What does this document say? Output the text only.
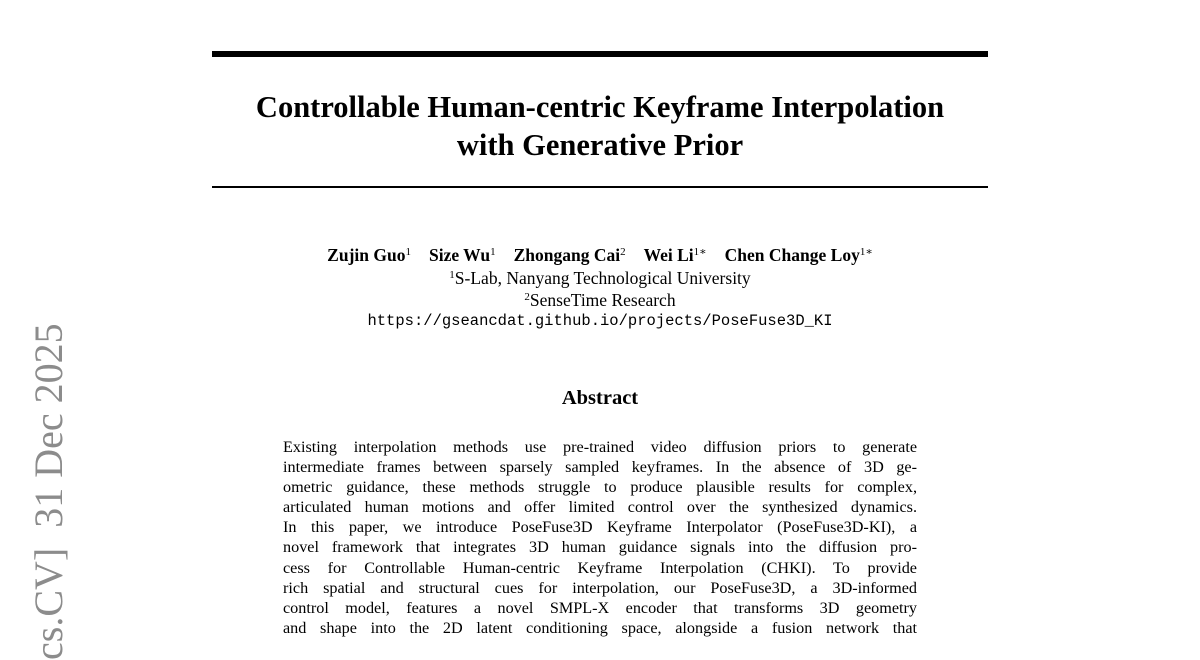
Controllable Human-centric Keyframe Interpolation
with Generative Prior
Zujin Guo$^1$ Size Wu$^1$ Zhongang Cai$^2$ Wei $Li^{1∗}$ Chen Change Loy$^{1∗}$
$^1$S-Lab, Nanyang Technological University
$^2$SenseTime Research
https://gseancdat.github.io/projects/PoseFuse3D_KI
Abstract
Existing interpolation methods use pre-trained video diffusion priors to generate
intermediate frames between sparsely sampled keyframes. In the absence of 3D ge-
ometric guidance, these methods struggle to produce plausible results for complex,
articulated human motions and offer limited control over the synthesized dynamics.
In this paper, we introduce PoseFuse3D Keyframe Interpolator (PoseFuse3D-KI), a
novel framework that integrates 3D human guidance signals into the diffusion pro-
cess for Controllable Human-centric Keyframe Interpolation (CHKI). To provide
rich spatial and structural cues for interpolation, our PoseFuse3D, a 3D-informed
control model, features a novel SMPL-X encoder that transforms 3D geometry
and shape into the 2D latent conditioning space, alongside a fusion network that
cs.CV]  31 Dec 2025
